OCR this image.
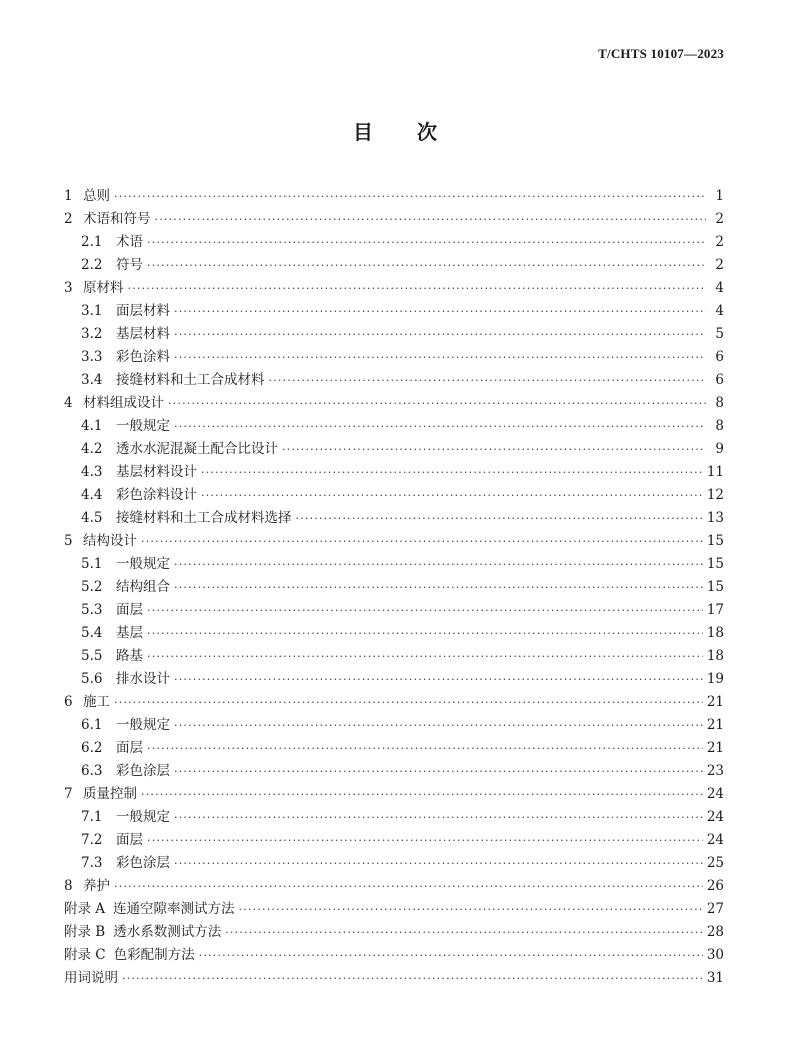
T/CHTS 10107—2023
目次
1 总则 ·····	1
2 术语和符号 ·····	2
2.1	术语 ·····	2
2.2	符号 ·····	2
3 原材料 ·····	4
3.1	面层材料 ·····	4
3.2	基层材料 ·····	5
3.3	彩色涂料 ·····	6
3.4	接缝材料和土工合成材料 ·····	6
4 材料组成设计 ·····	8
4.1	一般规定 ·····	8
4.2	透水水泥混凝土配合比设计 ·····	9
4.3	基层材料设计 ·····	11
4.4	彩色涂料设计 ·····	12
4.5	接缝材料和土工合成材料选择 ·····	13
5 结构设计 ·····	15
5.1	一般规定 ·····	15
5.2	结构组合 ·····	15
5.3	面层 ·····	17
5.4	基层 ·····	18
5.5	路基 ·····	18
5.6	排水设计 ·····	19
6 施工 ·····	21
6.1	一般规定 ·····	21
6.2	面层 ·····	21
6.3	彩色涂层 ·····	23
7 质量控制 ·····	24
7.1	一般规定 ·····	24
7.2	面层 ·····	24
7.3	彩色涂层 ·····	25
8 养护 ·····	26
附录 A 连通空隙率测试方法 ·····	27
附录 B 透水系数测试方法 ·····	28
附录 C 色彩配制方法 ·····	30
用词说明 ·····	31
